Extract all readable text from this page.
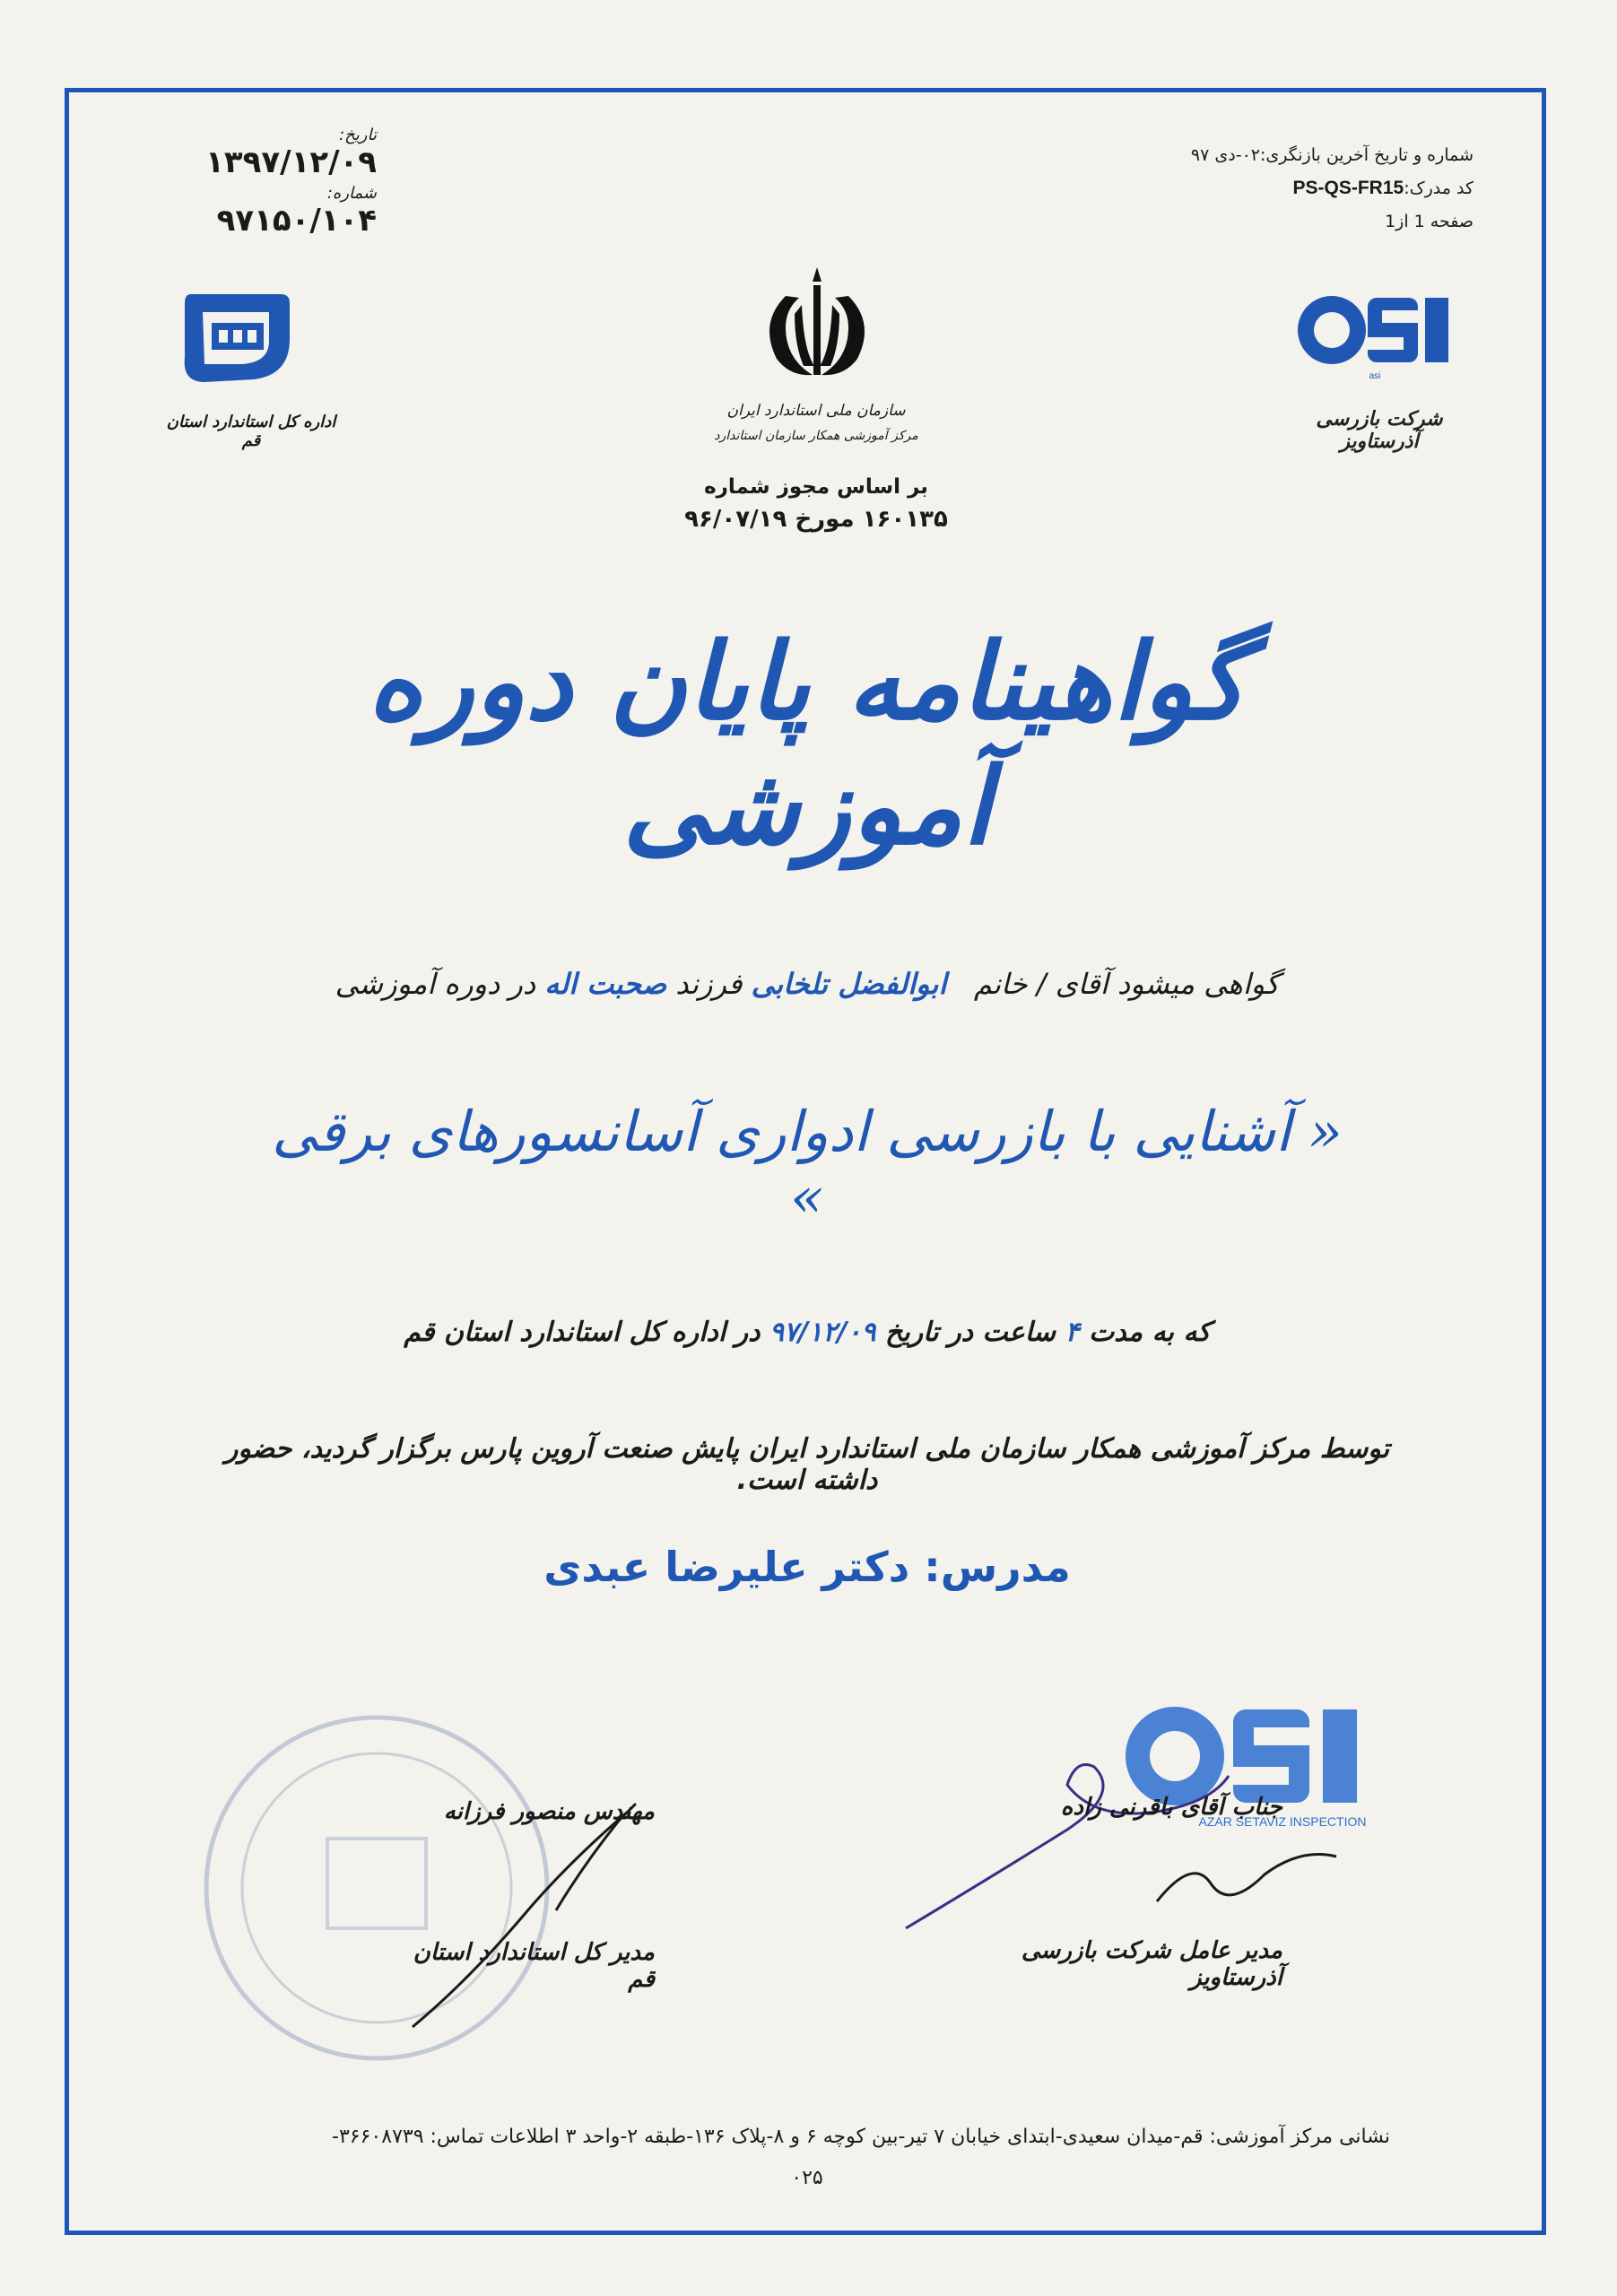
تاریخ: ۱۳۹۷/۱۲/۰۹
شماره: ۹۷۱۵۰/۱۰۴
شماره و تاریخ آخرین بازنگری:۰۲-دی ۹۷
کد مدرک:PS-QS-FR15
صفحه 1 از1
اداره کل استاندارد استان قم
سازمان ملی استاندارد ایران
مرکز آموزشی همکار سازمان استاندارد
بر اساس مجوز شماره
۱۶۰۱۳۵ مورخ ۹۶/۰۷/۱۹
asi
شرکت بازرسی آذرستاویز
گواهینامه پایان دوره آموزشی
گواهی میشود آقای / خانم   ابوالفضل تلخابی فرزند صحبت اله در دوره آموزشی
« آشنایی با بازرسی ادواری آسانسورهای برقی »
که به مدت ۴ ساعت در تاریخ ۹۷/۱۲/۰۹ در اداره کل استاندارد استان قم
توسط مرکز آموزشی همکار سازمان ملی استاندارد ایران پایش صنعت آروین پارس برگزار گردید، حضور داشته است.
مدرس: دکتر علیرضا عبدی
مهندس منصور فرزانه
مدیر کل استاندارد استان قم
AZAR SETAVIZ INSPECTION
جناب آقای باقرنی زاده
مدیر عامل شرکت بازرسی آذرستاویز
نشانی مرکز آموزشی: قم-میدان سعیدی-ابتدای خیابان ۷ تیر-بین کوچه ۶ و ۸-پلاک ۱۳۶-طبقه ۲-واحد ۳ اطلاعات تماس: ۳۶۶۰۸۷۳۹-
۰۲۵
